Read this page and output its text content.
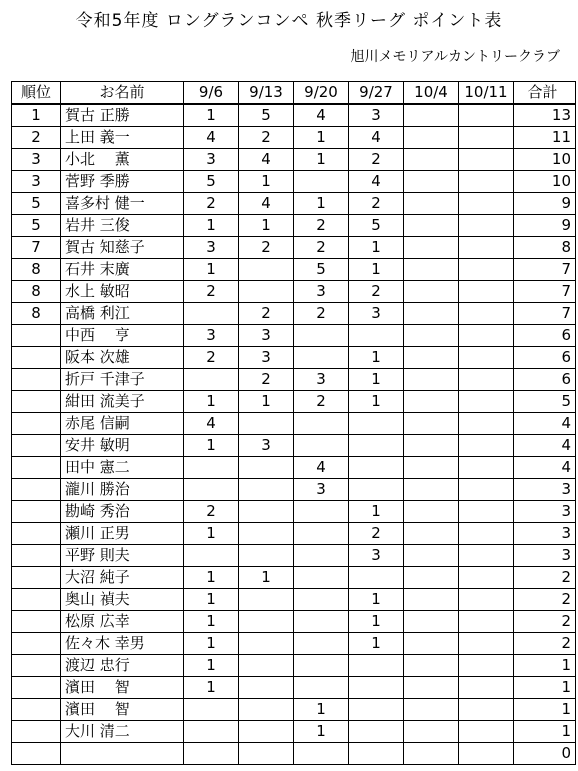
令和5年度 ロングランコンペ 秋季リーグ ポイント表
旭川メモリアルカントリークラブ
順位	お名前	9/6	9/13	9/20	9/27	10/4	10/11	合計
1	賀古 正勝	1	5	4	3			13
2	上田 義一	4	2	1	4			11
3	小北 　薫	3	4	1	2			10
3	菅野 季勝	5	1		4			10
5	喜多村 健一	2	4	1	2			9
5	岩井 三俊	1	1	2	5			9
7	賀古 知慈子	3	2	2	1			8
8	石井 末廣	1		5	1			7
8	水上 敏昭	2		3	2			7
8	高橋 利江		2	2	3			7
	中西 　亨	3	3					6
	阪本 次雄	2	3		1			6
	折戸 千津子		2	3	1			6
	紺田 流美子	1	1	2	1			5
	赤尾 信嗣	4						4
	安井 敏明	1	3					4
	田中 憲二			4				4
	瀧川 勝治			3				3
	勘崎 秀治	2			1			3
	瀬川 正男	1			2			3
	平野 則夫				3			3
	大沼 純子	1	1					2
	奥山 禎夫	1			1			2
	松原 広幸	1			1			2
	佐々木 幸男	1			1			2
	渡辺 忠行	1						1
	濱田 　智	1						1
	濱田 　智			1				1
	大川 清二			1				1
								0
